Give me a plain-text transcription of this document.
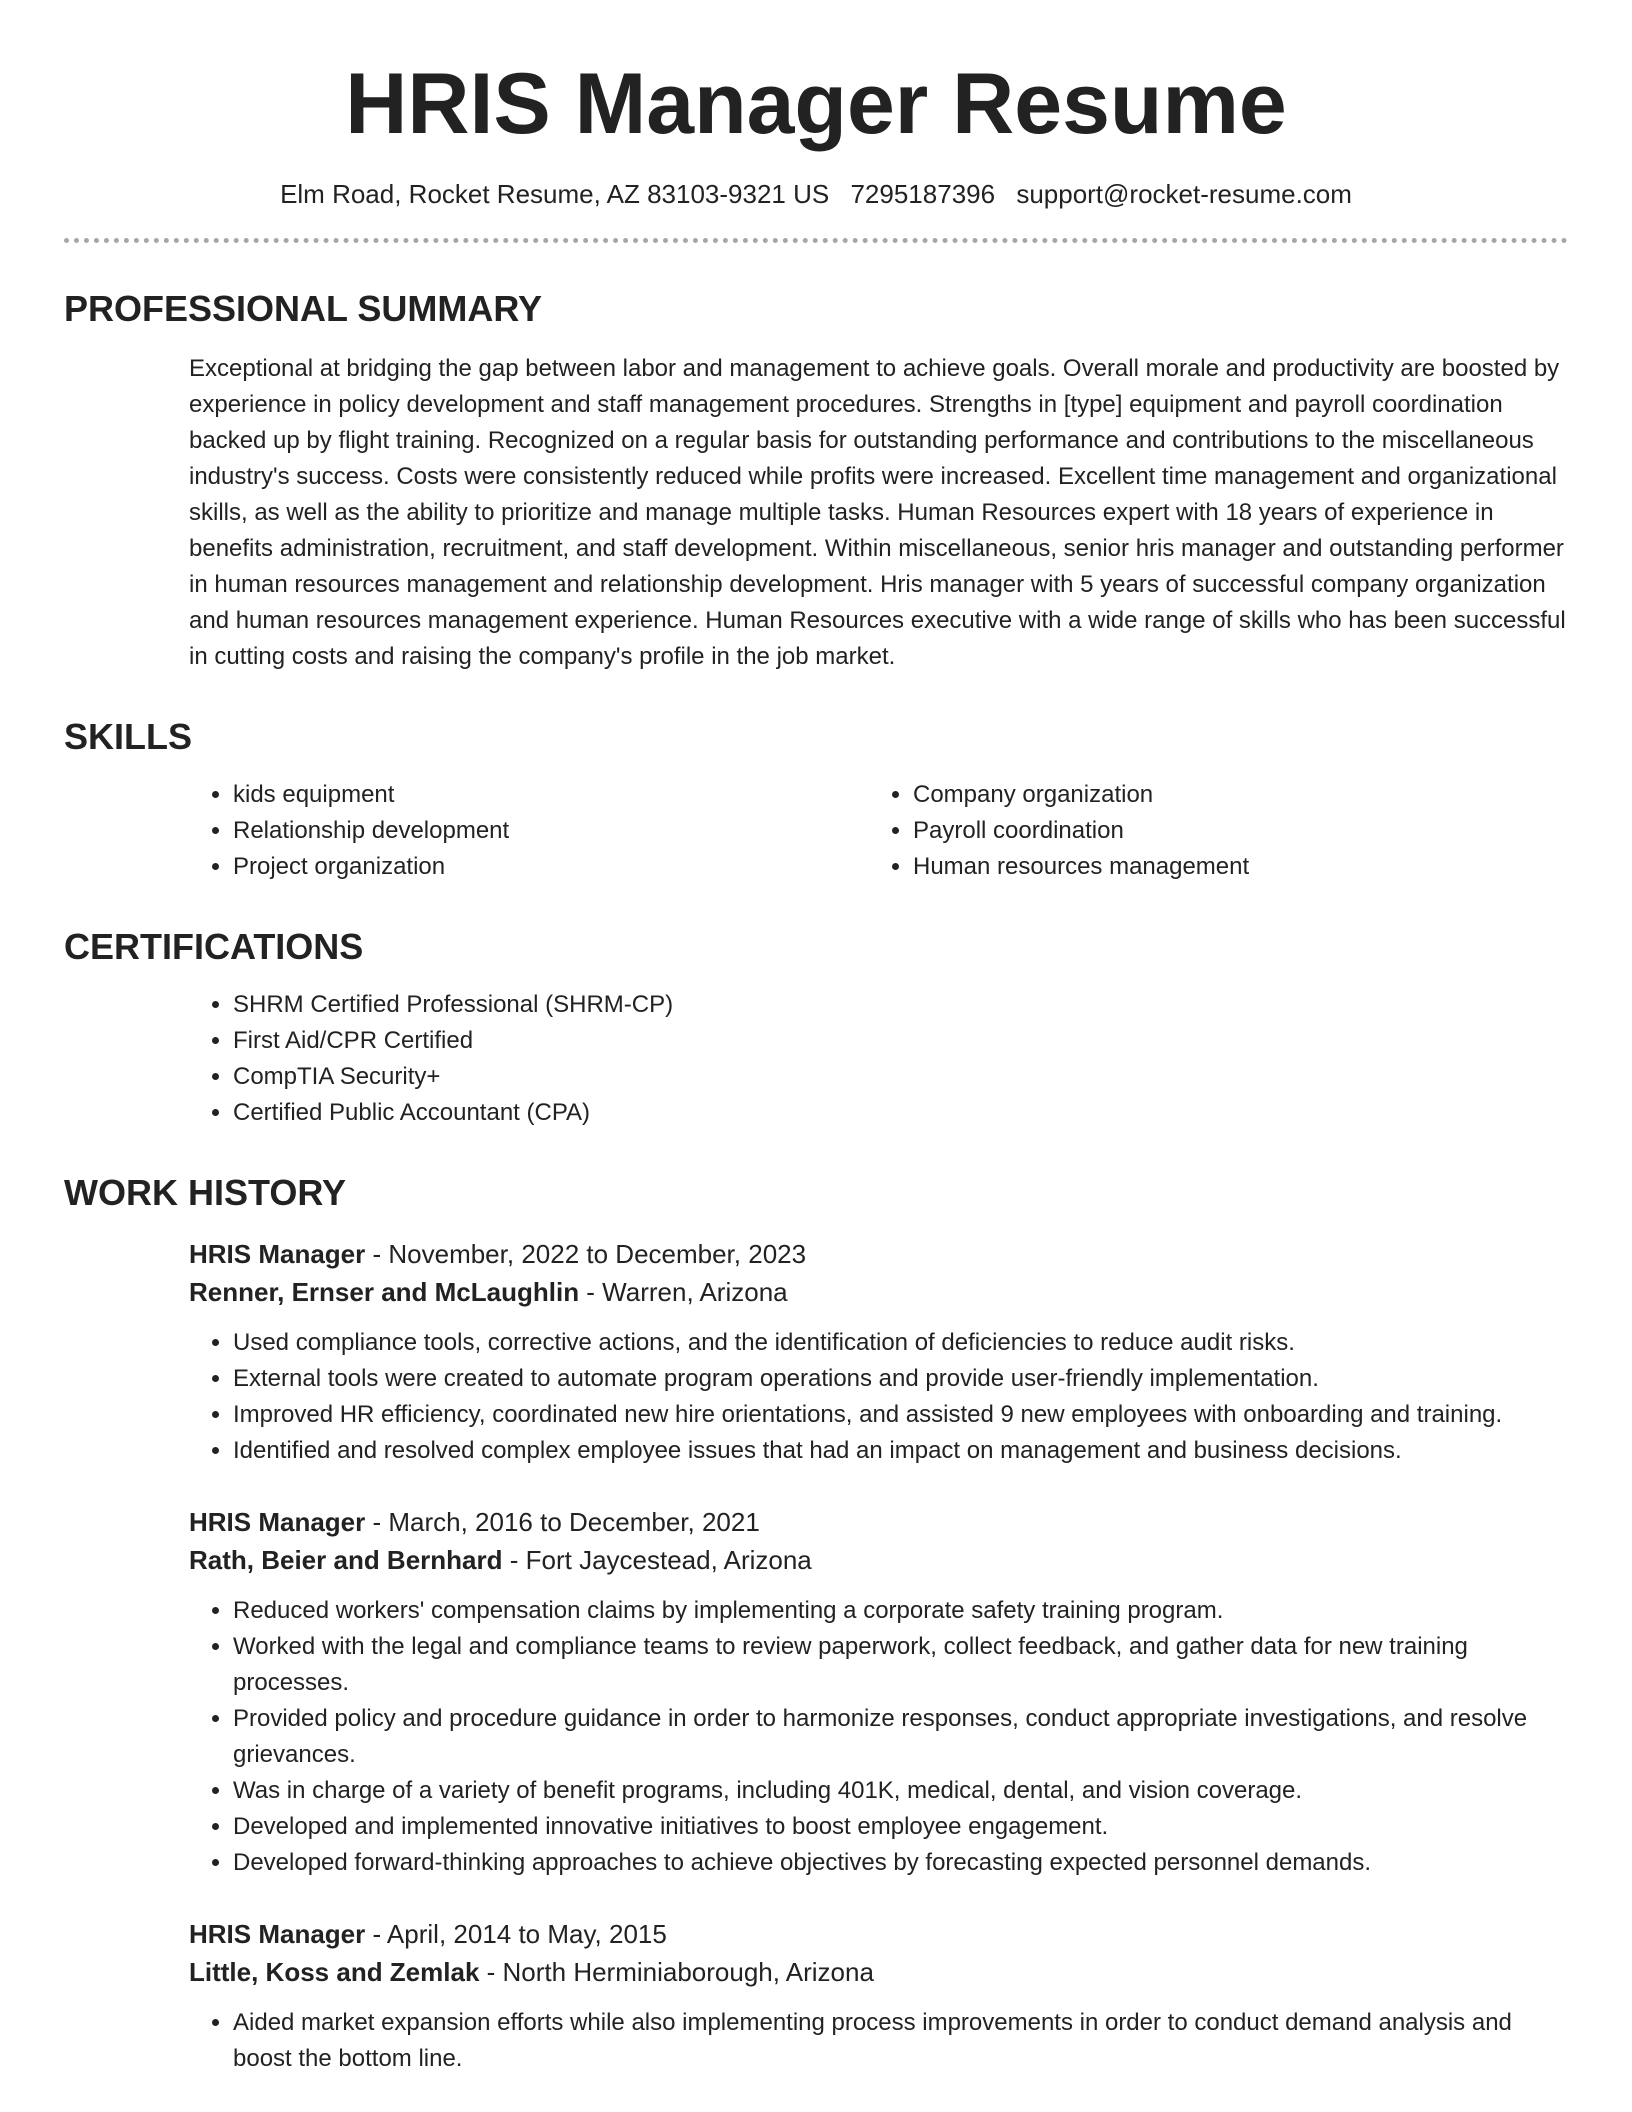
HRIS Manager Resume
Elm Road, Rocket Resume, AZ 83103-9321 US 7295187396 support@rocket-resume.com
PROFESSIONAL SUMMARY
Exceptional at bridging the gap between labor and management to achieve goals. Overall morale and productivity are boosted by experience in policy development and staff management procedures. Strengths in [type] equipment and payroll coordination backed up by flight training. Recognized on a regular basis for outstanding performance and contributions to the miscellaneous industry's success. Costs were consistently reduced while profits were increased. Excellent time management and organizational skills, as well as the ability to prioritize and manage multiple tasks. Human Resources expert with 18 years of experience in benefits administration, recruitment, and staff development. Within miscellaneous, senior hris manager and outstanding performer in human resources management and relationship development. Hris manager with 5 years of successful company organization and human resources management experience. Human Resources executive with a wide range of skills who has been successful in cutting costs and raising the company's profile in the job market.
SKILLS
• kids equipment
• Relationship development
• Project organization
• Company organization
• Payroll coordination
• Human resources management
CERTIFICATIONS
• SHRM Certified Professional (SHRM-CP)
• First Aid/CPR Certified
• CompTIA Security+
• Certified Public Accountant (CPA)
WORK HISTORY
HRIS Manager - November, 2022 to December, 2023
Renner, Ernser and McLaughlin - Warren, Arizona
• Used compliance tools, corrective actions, and the identification of deficiencies to reduce audit risks.
• External tools were created to automate program operations and provide user-friendly implementation.
• Improved HR efficiency, coordinated new hire orientations, and assisted 9 new employees with onboarding and training.
• Identified and resolved complex employee issues that had an impact on management and business decisions.
HRIS Manager - March, 2016 to December, 2021
Rath, Beier and Bernhard - Fort Jaycestead, Arizona
• Reduced workers' compensation claims by implementing a corporate safety training program.
• Worked with the legal and compliance teams to review paperwork, collect feedback, and gather data for new training processes.
• Provided policy and procedure guidance in order to harmonize responses, conduct appropriate investigations, and resolve grievances.
• Was in charge of a variety of benefit programs, including 401K, medical, dental, and vision coverage.
• Developed and implemented innovative initiatives to boost employee engagement.
• Developed forward-thinking approaches to achieve objectives by forecasting expected personnel demands.
HRIS Manager - April, 2014 to May, 2015
Little, Koss and Zemlak - North Herminiaborough, Arizona
• Aided market expansion efforts while also implementing process improvements in order to conduct demand analysis and boost the bottom line.
